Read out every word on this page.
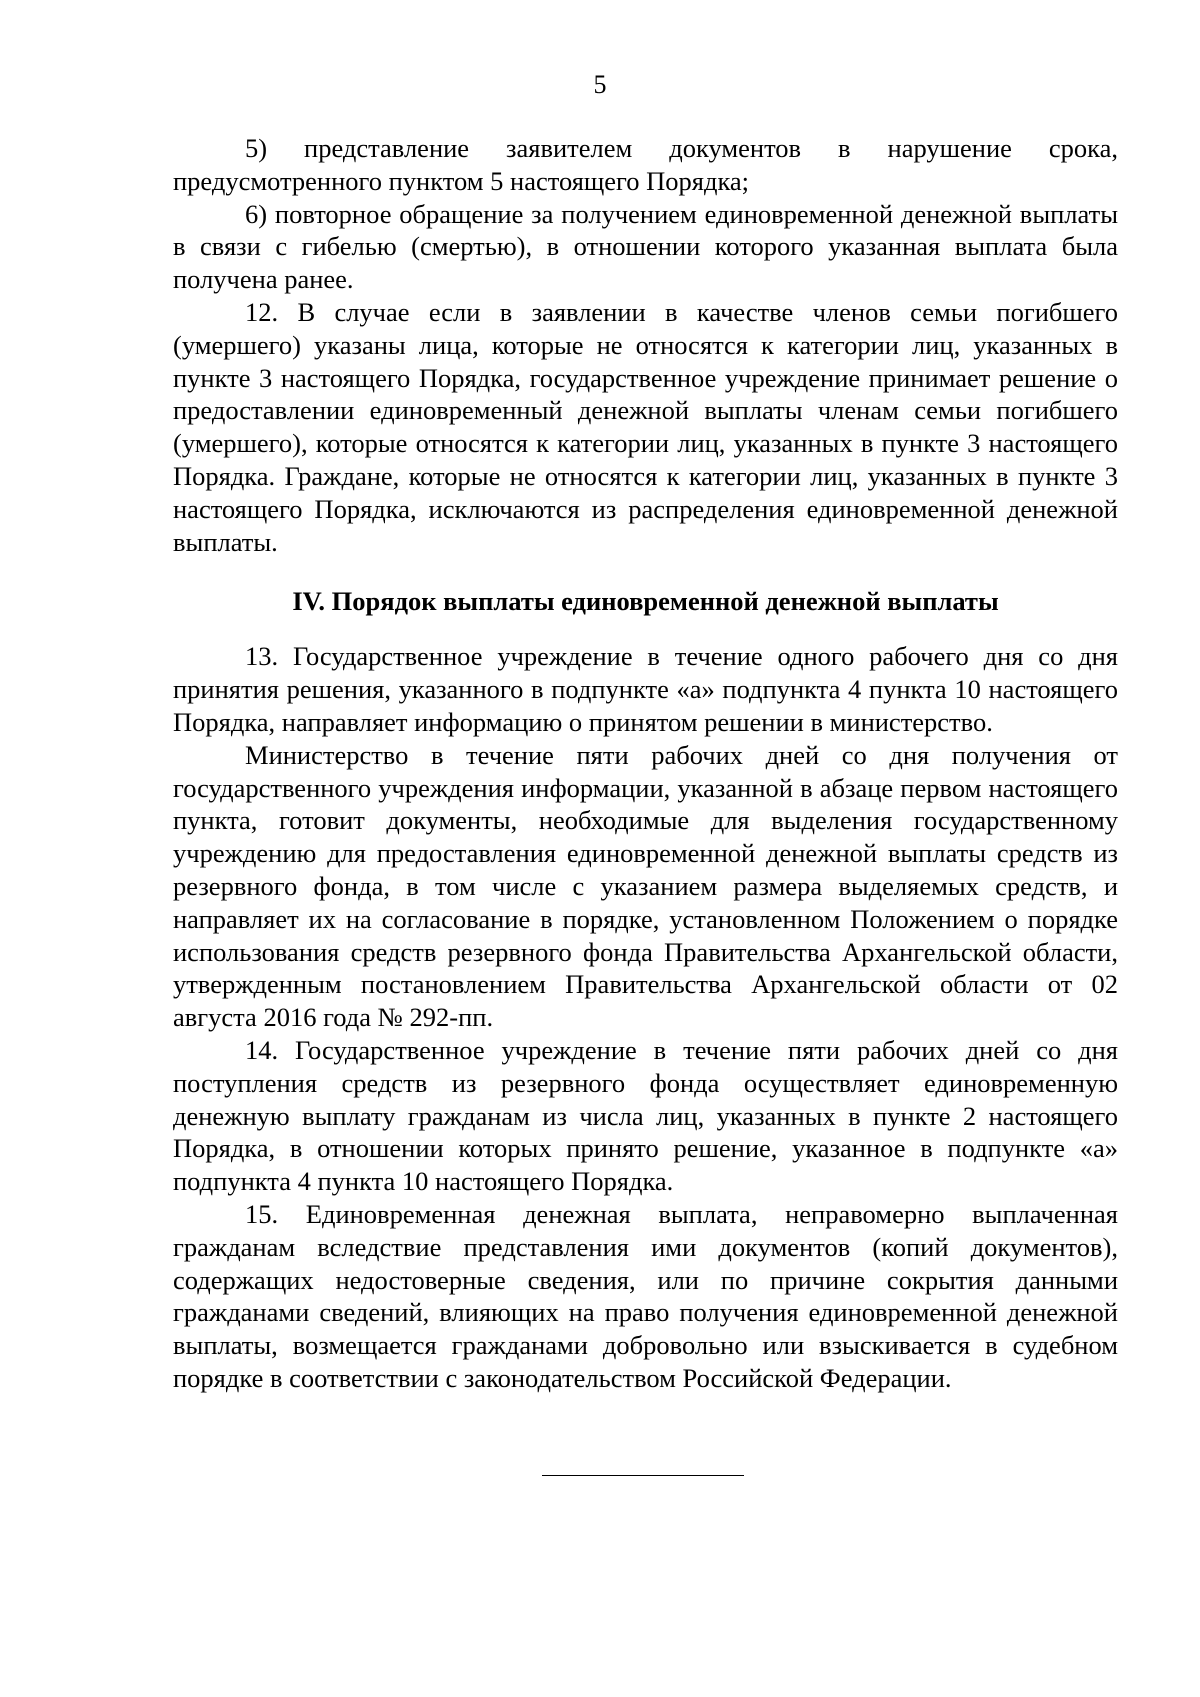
5

5) представление заявителем документов в нарушение срока, предусмотренного пунктом 5 настоящего Порядка;

6) повторное обращение за получением единовременной денежной выплаты в связи с гибелью (смертью), в отношении которого указанная выплата была получена ранее.

12. В случае если в заявлении в качестве членов семьи погибшего (умершего) указаны лица, которые не относятся к категории лиц, указанных в пункте 3 настоящего Порядка, государственное учреждение принимает решение о предоставлении единовременный денежной выплаты членам семьи погибшего (умершего), которые относятся к категории лиц, указанных в пункте 3 настоящего Порядка. Граждане, которые не относятся к категории лиц, указанных в пункте 3 настоящего Порядка, исключаются из распределения единовременной денежной выплаты.

IV. Порядок выплаты единовременной денежной выплаты

13. Государственное учреждение в течение одного рабочего дня со дня принятия решения, указанного в подпункте «а» подпункта 4 пункта 10 настоящего Порядка, направляет информацию о принятом решении в министерство.

Министерство в течение пяти рабочих дней со дня получения от государственного учреждения информации, указанной в абзаце первом настоящего пункта, готовит документы, необходимые для выделения государственному учреждению для предоставления единовременной денежной выплаты средств из резервного фонда, в том числе с указанием размера выделяемых средств, и направляет их на согласование в порядке, установленном Положением о порядке использования средств резервного фонда Правительства Архангельской области, утвержденным постановлением Правительства Архангельской области от 02 августа 2016 года № 292-пп.

14. Государственное учреждение в течение пяти рабочих дней со дня поступления средств из резервного фонда осуществляет единовременную денежную выплату гражданам из числа лиц, указанных в пункте 2 настоящего Порядка, в отношении которых принято решение, указанное в подпункте «а» подпункта 4 пункта 10 настоящего Порядка.

15. Единовременная денежная выплата, неправомерно выплаченная гражданам вследствие представления ими документов (копий документов), содержащих недостоверные сведения, или по причине сокрытия данными гражданами сведений, влияющих на право получения единовременной денежной выплаты, возмещается гражданами добровольно или взыскивается в судебном порядке в соответствии с законодательством Российской Федерации.
